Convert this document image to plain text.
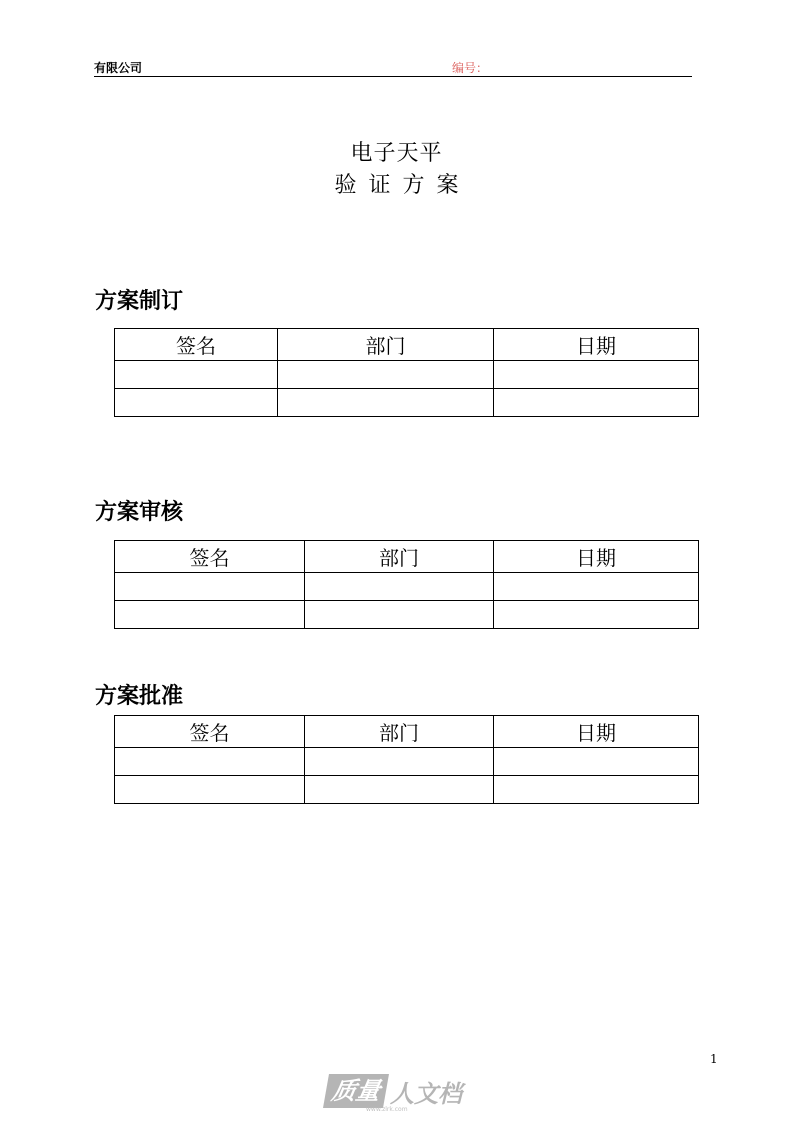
有限公司	编号：
电子天平
验证方案
方案制订
签名	部门	日期

方案审核
签名	部门	日期

方案批准
签名	部门	日期

1
质量 人文档
www.zlrk.com
